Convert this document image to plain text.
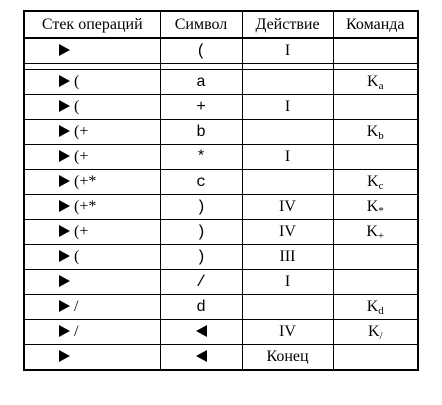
Стек операций	Символ	Действие	Команда
	(	I	

(	a		Ka
(	+	I	
(+	b		Kb
(+	*	I	
(+*	c		Kc
(+*	)	IV	K*
(+	)	IV	K+
(	)	III	
	/	I	
/	d		Kd
/		IV	K/
		Конец	
